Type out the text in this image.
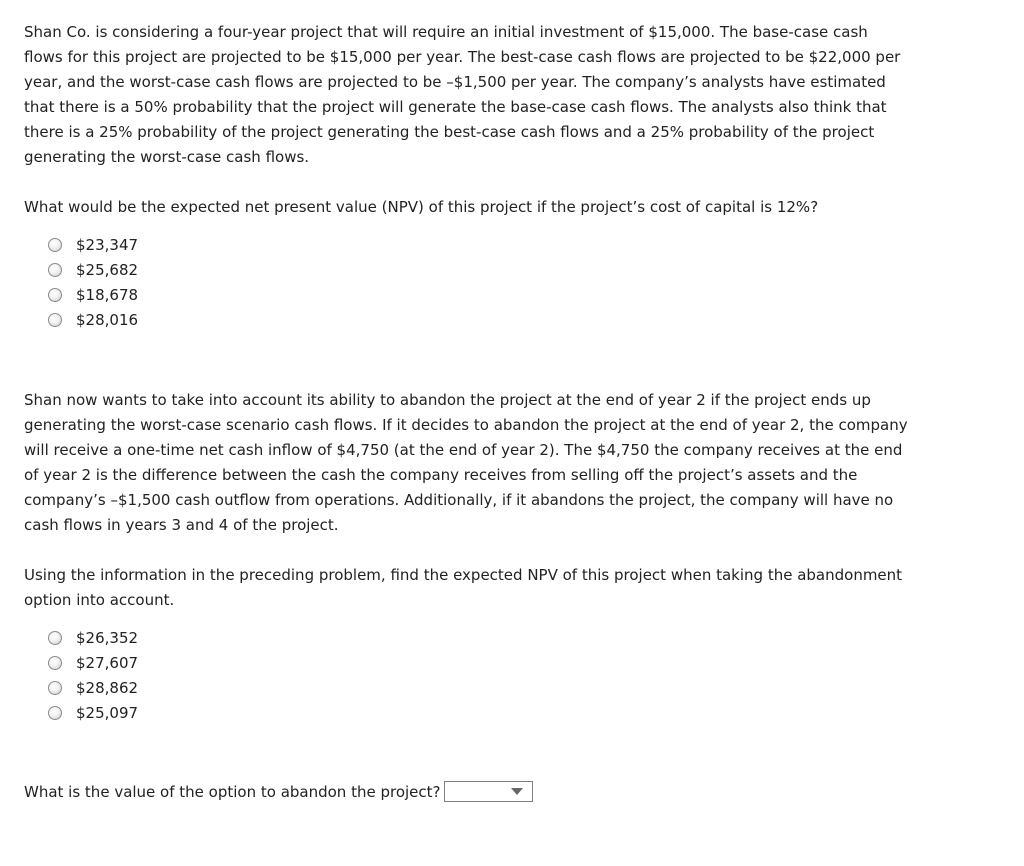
Shan Co. is considering a four-year project that will require an initial investment of $15,000. The base-case cash
flows for this project are projected to be $15,000 per year. The best-case cash flows are projected to be $22,000 per
year, and the worst-case cash flows are projected to be –$1,500 per year. The company’s analysts have estimated
that there is a 50% probability that the project will generate the base-case cash flows. The analysts also think that
there is a 25% probability of the project generating the best-case cash flows and a 25% probability of the project
generating the worst-case cash flows.

What would be the expected net present value (NPV) of this project if the project’s cost of capital is 12%?

$23,347
$25,682
$18,678
$28,016

Shan now wants to take into account its ability to abandon the project at the end of year 2 if the project ends up
generating the worst-case scenario cash flows. If it decides to abandon the project at the end of year 2, the company
will receive a one-time net cash inflow of $4,750 (at the end of year 2). The $4,750 the company receives at the end
of year 2 is the difference between the cash the company receives from selling off the project’s assets and the
company’s –$1,500 cash outflow from operations. Additionally, if it abandons the project, the company will have no
cash flows in years 3 and 4 of the project.

Using the information in the preceding problem, find the expected NPV of this project when taking the abandonment
option into account.

$26,352
$27,607
$28,862
$25,097
What is the value of the option to abandon the project?
